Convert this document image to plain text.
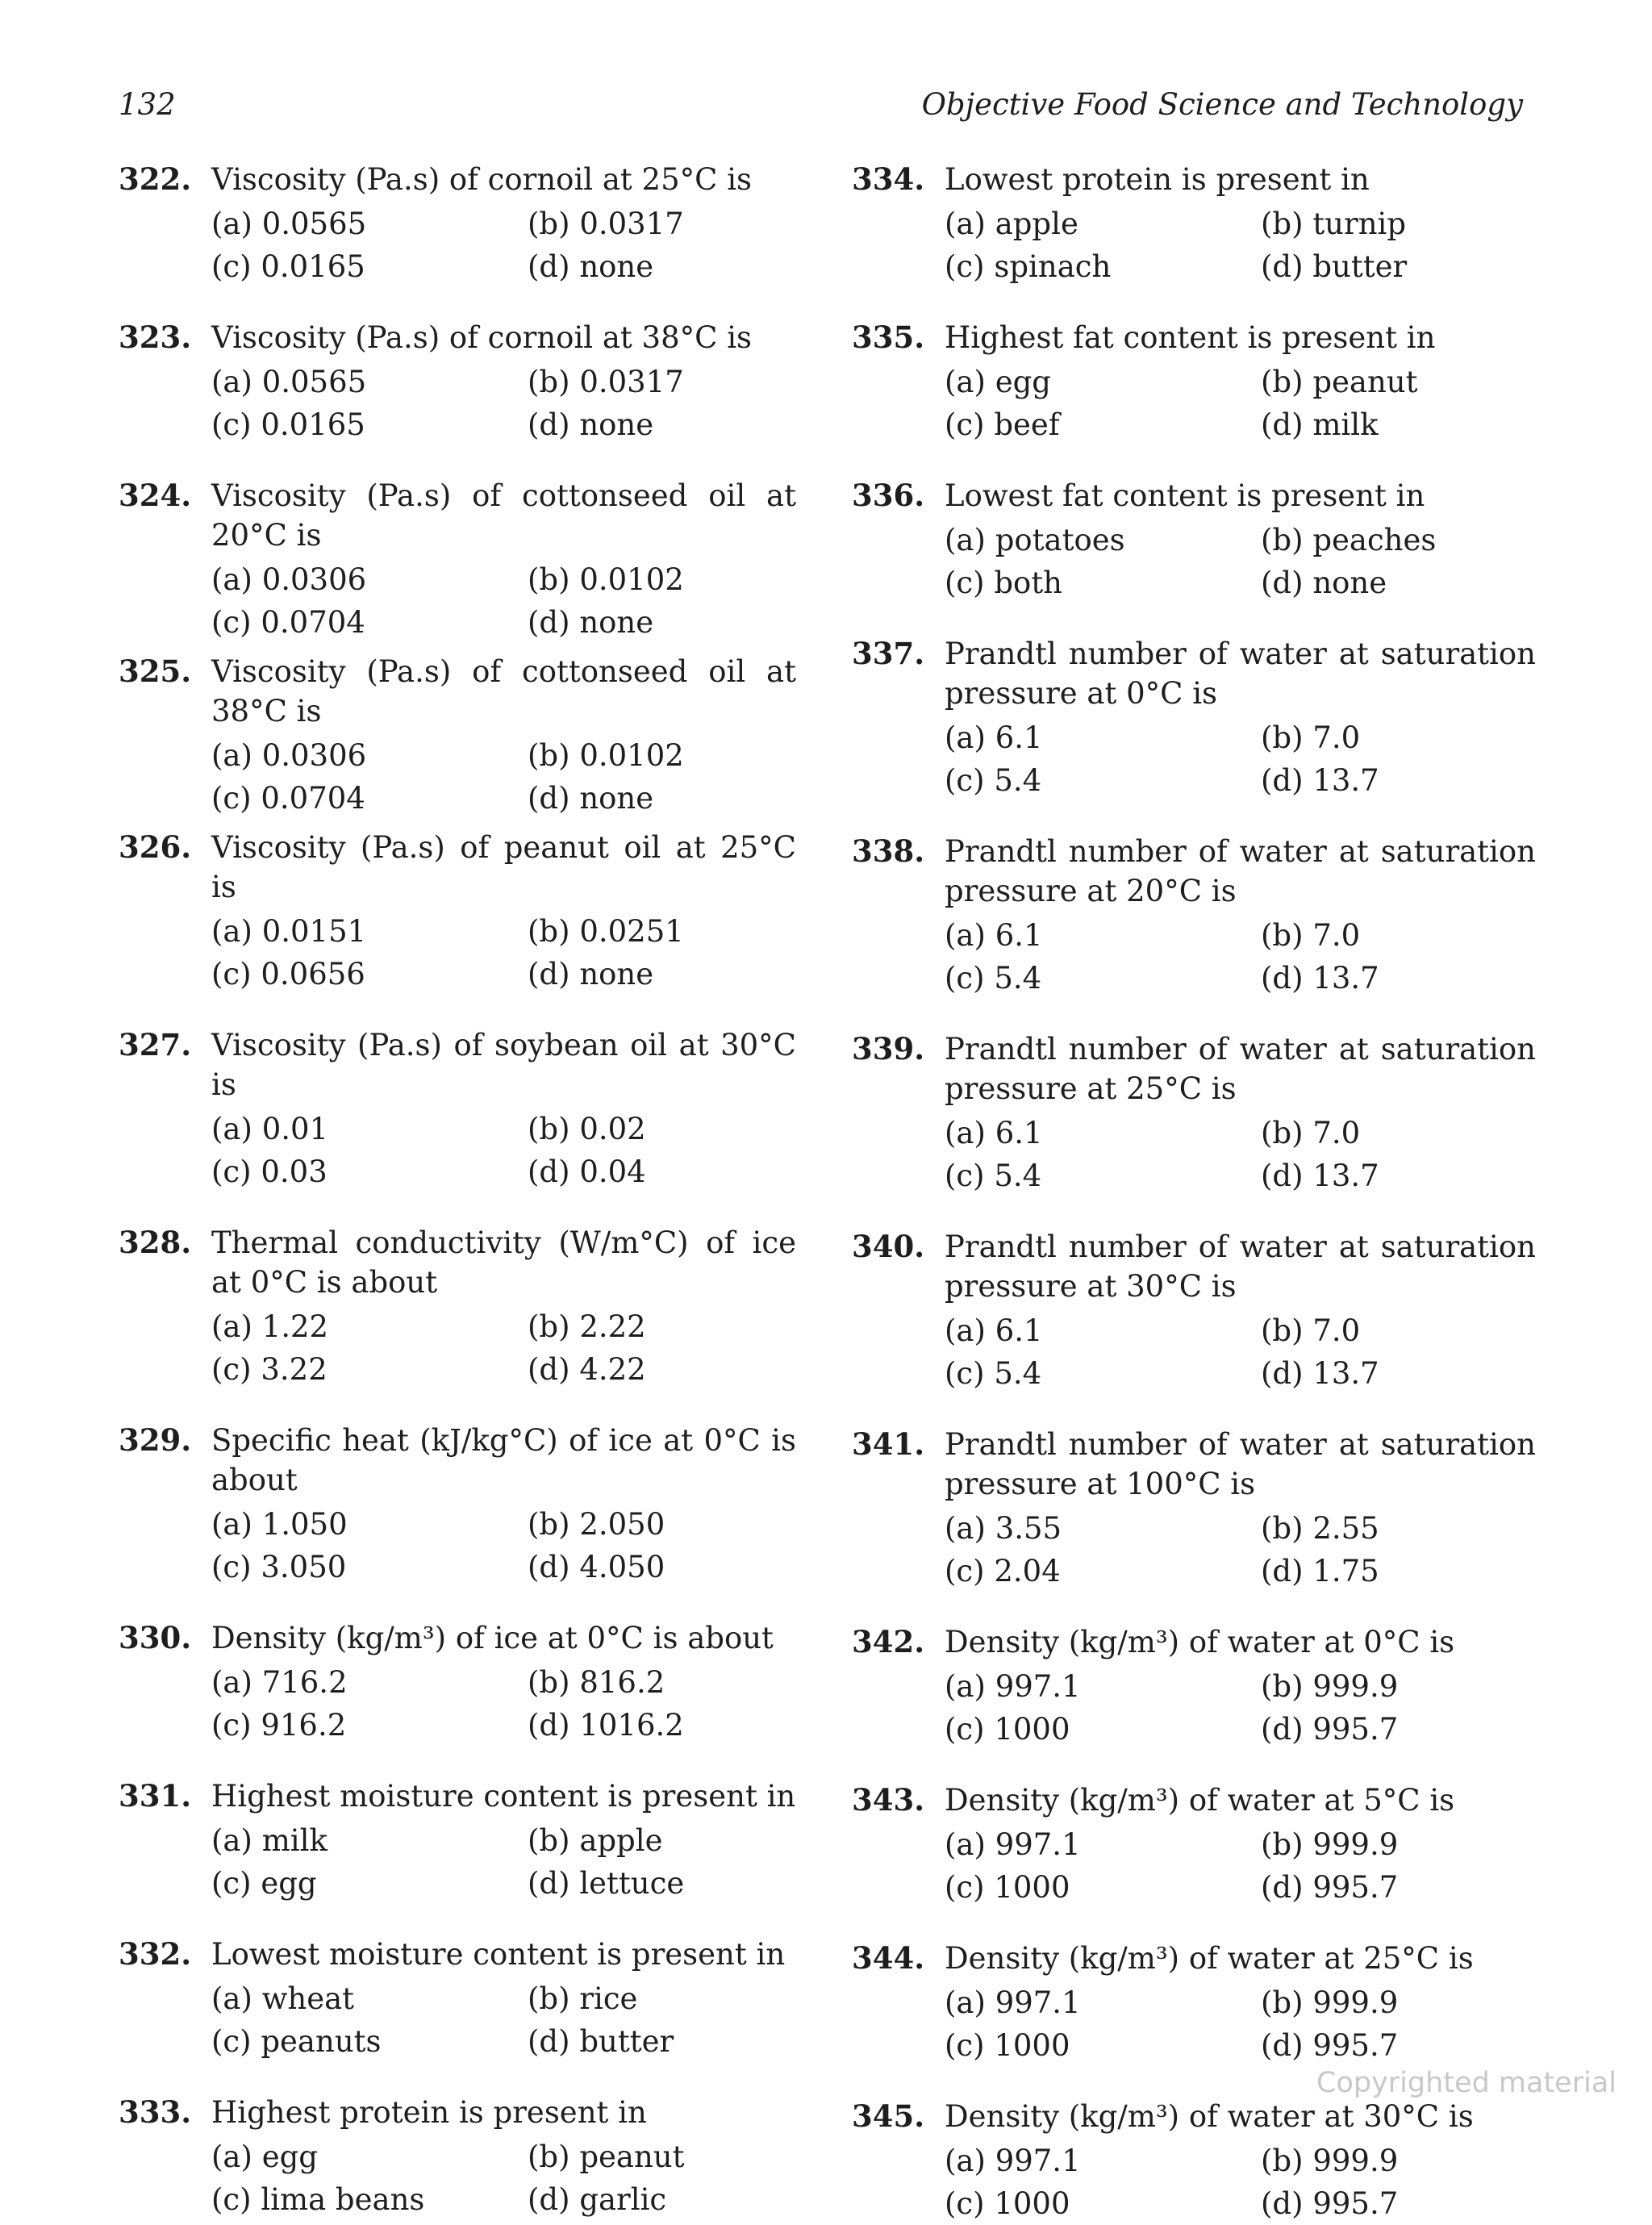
132	Objective Food Science and Technology
322. Viscosity (Pa.s) of cornoil at 25°C is
(a) 0.0565	(b) 0.0317
(c) 0.0165	(d) none
323. Viscosity (Pa.s) of cornoil at 38°C is
(a) 0.0565	(b) 0.0317
(c) 0.0165	(d) none
324. Viscosity (Pa.s) of cottonseed oil at 20°C is
(a) 0.0306	(b) 0.0102
(c) 0.0704	(d) none
325. Viscosity (Pa.s) of cottonseed oil at 38°C is
(a) 0.0306	(b) 0.0102
(c) 0.0704	(d) none
326. Viscosity (Pa.s) of peanut oil at 25°C is
(a) 0.0151	(b) 0.0251
(c) 0.0656	(d) none
327. Viscosity (Pa.s) of soybean oil at 30°C is
(a) 0.01	(b) 0.02
(c) 0.03	(d) 0.04
328. Thermal conductivity (W/m°C) of ice at 0°C is about
(a) 1.22	(b) 2.22
(c) 3.22	(d) 4.22
329. Specific heat (kJ/kg°C) of ice at 0°C is about
(a) 1.050	(b) 2.050
(c) 3.050	(d) 4.050
330. Density (kg/m³) of ice at 0°C is about
(a) 716.2	(b) 816.2
(c) 916.2	(d) 1016.2
331. Highest moisture content is present in
(a) milk	(b) apple
(c) egg	(d) lettuce
332. Lowest moisture content is present in
(a) wheat	(b) rice
(c) peanuts	(d) butter
333. Highest protein is present in
(a) egg	(b) peanut
(c) lima beans	(d) garlic
334. Lowest protein is present in
(a) apple	(b) turnip
(c) spinach	(d) butter
335. Highest fat content is present in
(a) egg	(b) peanut
(c) beef	(d) milk
336. Lowest fat content is present in
(a) potatoes	(b) peaches
(c) both	(d) none
337. Prandtl number of water at saturation pressure at 0°C is
(a) 6.1	(b) 7.0
(c) 5.4	(d) 13.7
338. Prandtl number of water at saturation pressure at 20°C is
(a) 6.1	(b) 7.0
(c) 5.4	(d) 13.7
339. Prandtl number of water at saturation pressure at 25°C is
(a) 6.1	(b) 7.0
(c) 5.4	(d) 13.7
340. Prandtl number of water at saturation pressure at 30°C is
(a) 6.1	(b) 7.0
(c) 5.4	(d) 13.7
341. Prandtl number of water at saturation pressure at 100°C is
(a) 3.55	(b) 2.55
(c) 2.04	(d) 1.75
342. Density (kg/m³) of water at 0°C is
(a) 997.1	(b) 999.9
(c) 1000	(d) 995.7
343. Density (kg/m³) of water at 5°C is
(a) 997.1	(b) 999.9
(c) 1000	(d) 995.7
344. Density (kg/m³) of water at 25°C is
(a) 997.1	(b) 999.9
(c) 1000	(d) 995.7
345. Density (kg/m³) of water at 30°C is
(a) 997.1	(b) 999.9
(c) 1000	(d) 995.7
Copyrighted material
